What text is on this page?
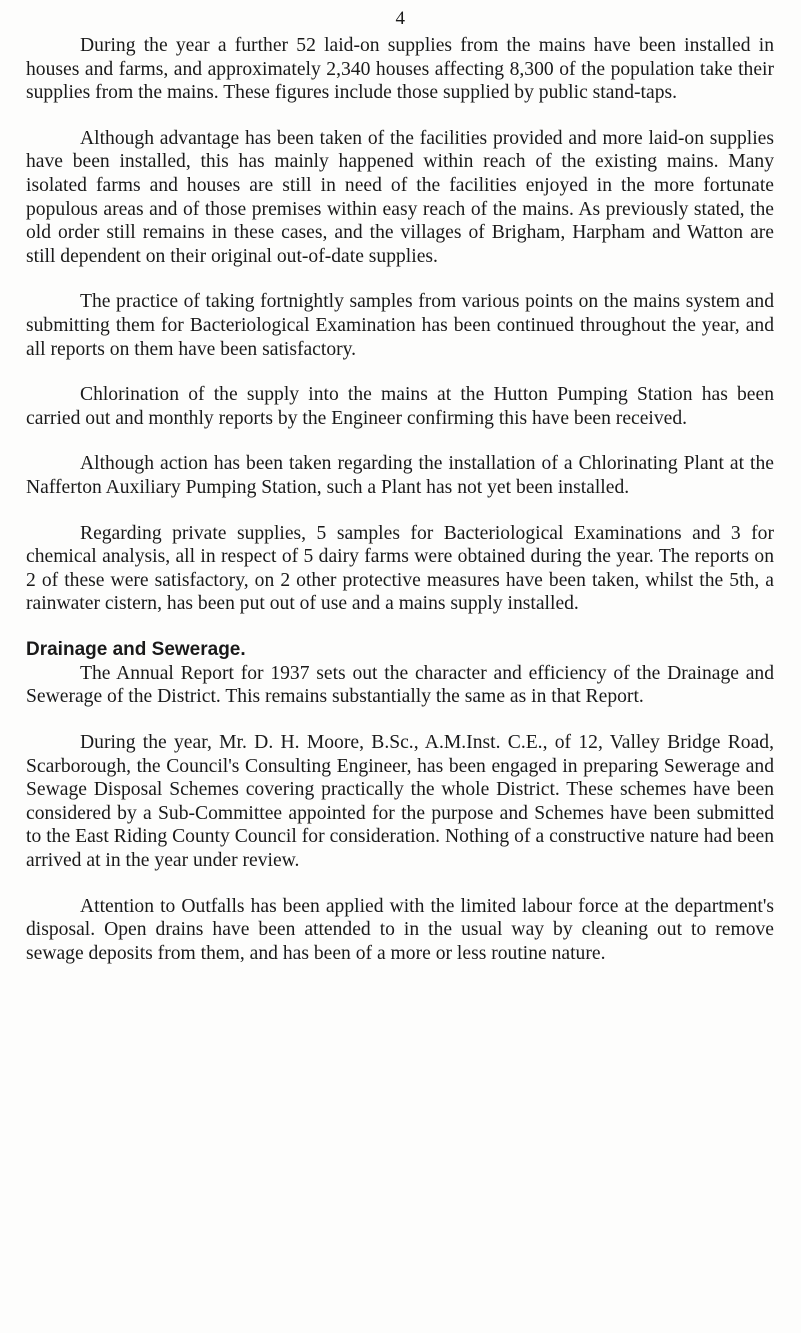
4

During the year a further 52 laid-on supplies from the mains have been installed in houses and farms, and approximately 2,340 houses affecting 8,300 of the population take their supplies from the mains. These figures include those supplied by public stand-taps.

Although advantage has been taken of the facilities provided and more laid-on supplies have been installed, this has mainly happened within reach of the existing mains. Many isolated farms and houses are still in need of the facilities enjoyed in the more fortunate populous areas and of those premises within easy reach of the mains. As previously stated, the old order still remains in these cases, and the villages of Brigham, Harpham and Watton are still dependent on their original out-of-date supplies.

The practice of taking fortnightly samples from various points on the mains system and submitting them for Bacteriological Examination has been continued throughout the year, and all reports on them have been satisfactory.

Chlorination of the supply into the mains at the Hutton Pumping Station has been carried out and monthly reports by the Engineer confirming this have been received.

Although action has been taken regarding the installation of a Chlorinating Plant at the Nafferton Auxiliary Pumping Station, such a Plant has not yet been installed.

Regarding private supplies, 5 samples for Bacteriological Examinations and 3 for chemical analysis, all in respect of 5 dairy farms were obtained during the year. The reports on 2 of these were satisfactory, on 2 other protective measures have been taken, whilst the 5th, a rainwater cistern, has been put out of use and a mains supply installed.

Drainage and Sewerage.

The Annual Report for 1937 sets out the character and efficiency of the Drainage and Sewerage of the District. This remains substantially the same as in that Report.

During the year, Mr. D. H. Moore, B.Sc., A.M.Inst. C.E., of 12, Valley Bridge Road, Scarborough, the Council's Consulting Engineer, has been engaged in preparing Sewerage and Sewage Disposal Schemes covering practically the whole District. These schemes have been considered by a Sub-Committee appointed for the purpose and Schemes have been submitted to the East Riding County Council for consideration. Nothing of a constructive nature had been arrived at in the year under review.

Attention to Outfalls has been applied with the limited labour force at the department's disposal. Open drains have been attended to in the usual way by cleaning out to remove sewage deposits from them, and has been of a more or less routine nature.
